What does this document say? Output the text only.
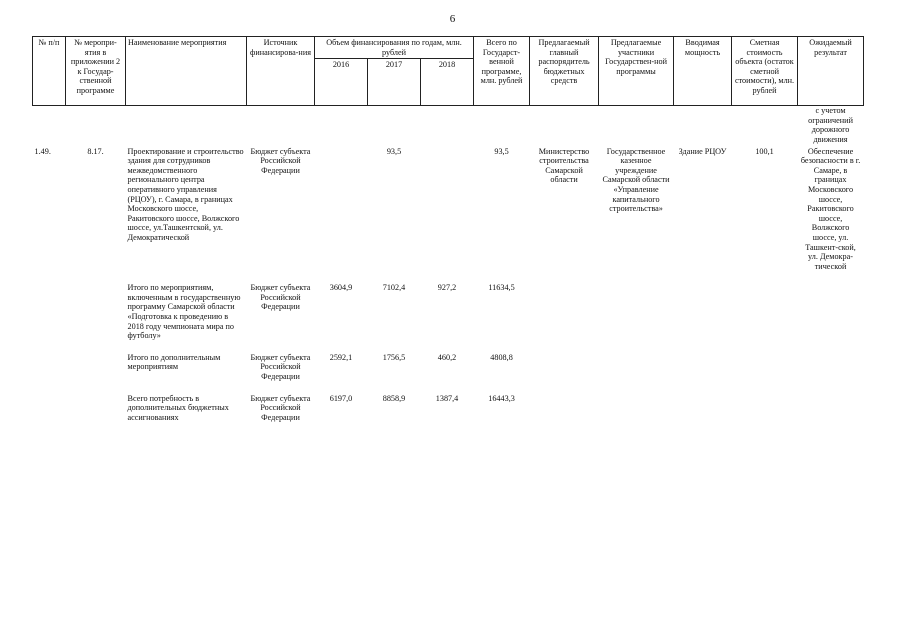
6
№ п/п	№ меропри-ятия в приложении 2 к Государ-ственной программе	Наименование мероприятия	Источник финансирова-ния	Объем финансирования по годам, млн. рублей			Всего по Государст-венной программе, млн. рублей	Предлагаемый главный распорядитель бюджетных средств	Предлагаемые участники Государствен-ной программы	Вводимая мощность	Сметная стоимость объекта (остаток сметной стоимости), млн. рублей	Ожидаемый результат
				2016	2017	2018						
												с учетом ограничений дорожного движения
1.49.	8.17.	Проектирование и строительство здания для сотрудников межведомственного регионального центра оперативного управления (РЦОУ), г. Самара, в границах Московского шоссе, Ракитовского шоссе, Волжского шоссе, ул.Ташкентской, ул. Демократической	Бюджет субъекта Российской Федерации		93,5		93,5	Министерство строительства Самарской области	Государственное казенное учреждение Самарской области «Управление капитального строительства»	Здание РЦОУ	100,1	Обеспечение безопасности в г. Самаре, в границах Московского шоссе, Ракитовского шоссе, Волжского шоссе, ул. Ташкент-ской, ул. Демокра-тической

		Итого по мероприятиям, включенным в государственную программу Самарской области «Подготовка к проведению в 2018 году чемпионата мира по футболу»	Бюджет субъекта Российской Федерации	3604,9	7102,4	927,2	11634,5					

		Итого по дополнительным мероприятиям	Бюджет субъекта Российской Федерации	2592,1	1756,5	460,2	4808,8					

		Всего потребность в дополнительных бюджетных ассигнованиях	Бюджет субъекта Российской Федерации	6197,0	8858,9	1387,4	16443,3					
